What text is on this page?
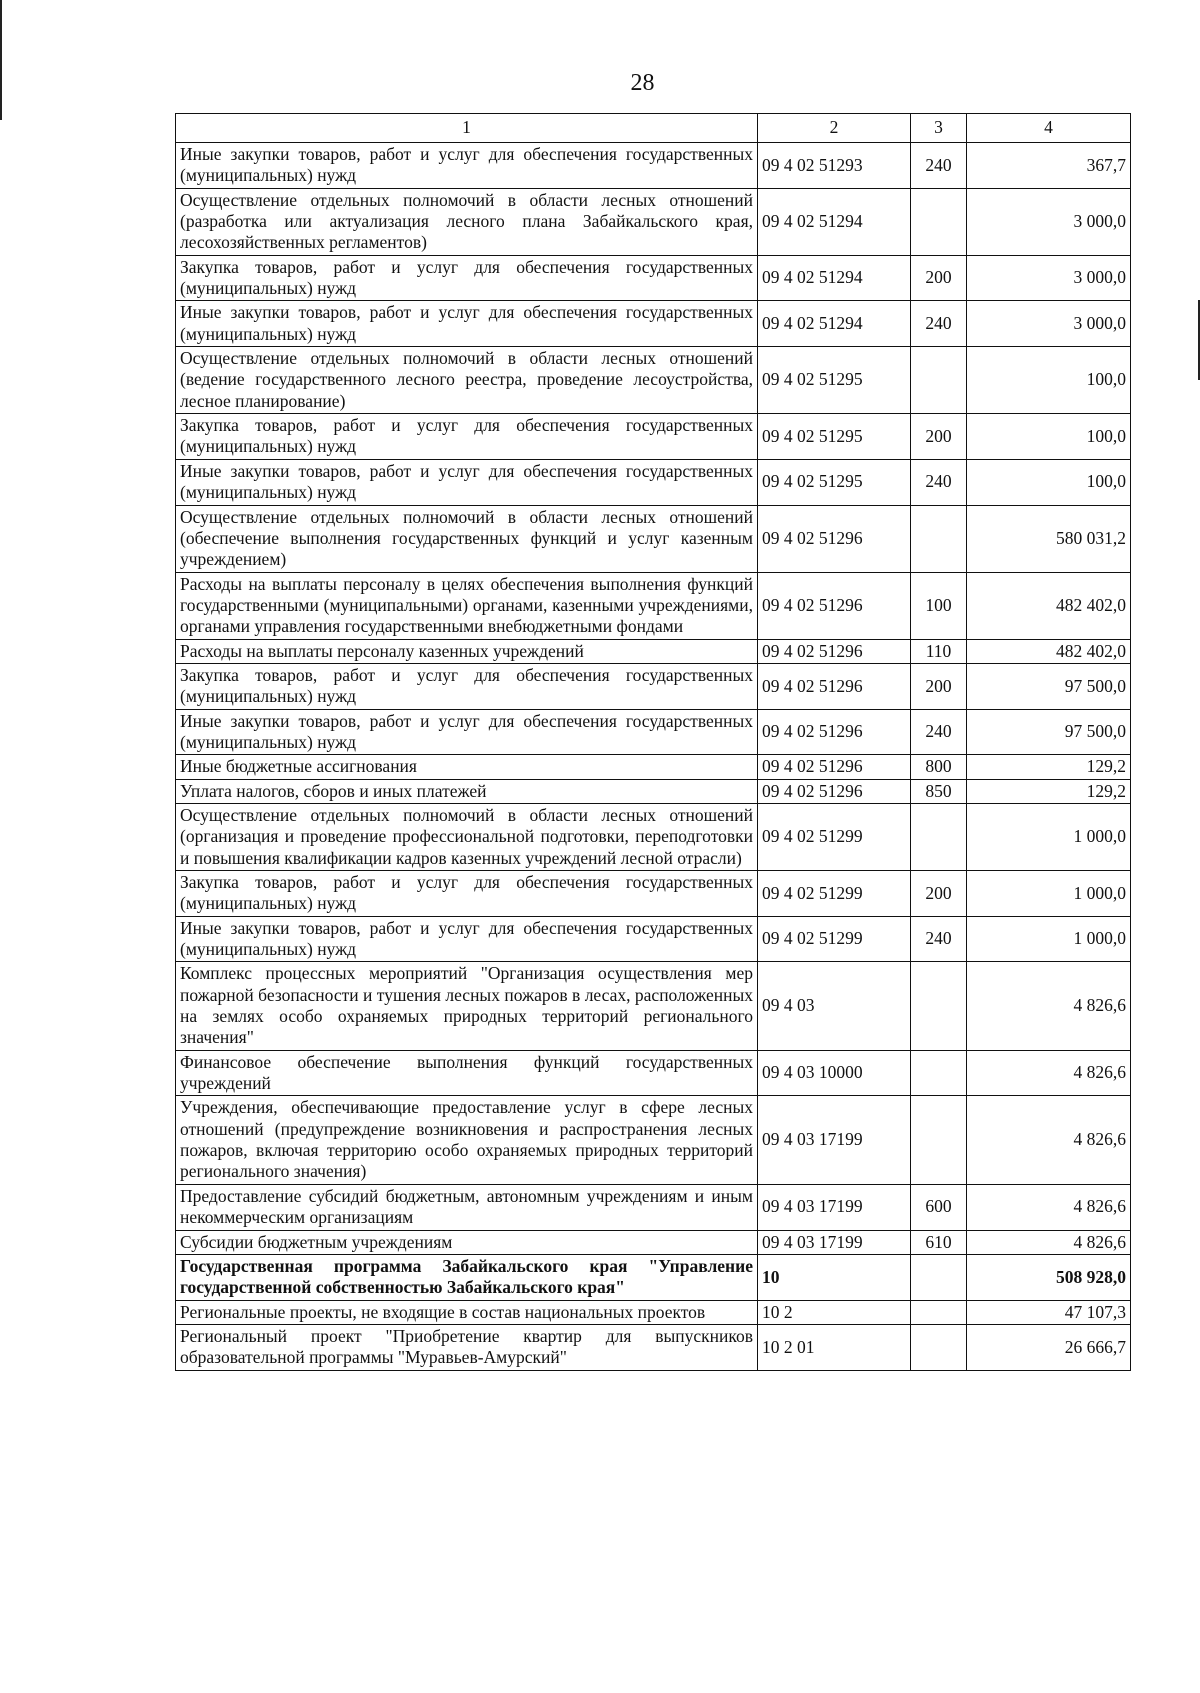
28
1	2	3	4
Иные закупки товаров, работ и услуг для обеспечения государственных (муниципальных) нужд	09 4 02 51293	240	367,7
Осуществление отдельных полномочий в области лесных отношений (разработка или актуализация лесного плана Забайкальского края, лесохозяйственных регламентов)	09 4 02 51294		3 000,0
Закупка товаров, работ и услуг для обеспечения государственных (муниципальных) нужд	09 4 02 51294	200	3 000,0
Иные закупки товаров, работ и услуг для обеспечения государственных (муниципальных) нужд	09 4 02 51294	240	3 000,0
Осуществление отдельных полномочий в области лесных отношений (ведение государственного лесного реестра, проведение лесоустройства, лесное планирование)	09 4 02 51295		100,0
Закупка товаров, работ и услуг для обеспечения государственных (муниципальных) нужд	09 4 02 51295	200	100,0
Иные закупки товаров, работ и услуг для обеспечения государственных (муниципальных) нужд	09 4 02 51295	240	100,0
Осуществление отдельных полномочий в области лесных отношений (обеспечение выполнения государственных функций и услуг казенным учреждением)	09 4 02 51296		580 031,2
Расходы на выплаты персоналу в целях обеспечения выполнения функций государственными (муниципальными) органами, казенными учреждениями, органами управления государственными внебюджетными фондами	09 4 02 51296	100	482 402,0
Расходы на выплаты персоналу казенных учреждений	09 4 02 51296	110	482 402,0
Закупка товаров, работ и услуг для обеспечения государственных (муниципальных) нужд	09 4 02 51296	200	97 500,0
Иные закупки товаров, работ и услуг для обеспечения государственных (муниципальных) нужд	09 4 02 51296	240	97 500,0
Иные бюджетные ассигнования	09 4 02 51296	800	129,2
Уплата налогов, сборов и иных платежей	09 4 02 51296	850	129,2
Осуществление отдельных полномочий в области лесных отношений (организация и проведение профессиональной подготовки, переподготовки и повышения квалификации кадров казенных учреждений лесной отрасли)	09 4 02 51299		1 000,0
Закупка товаров, работ и услуг для обеспечения государственных (муниципальных) нужд	09 4 02 51299	200	1 000,0
Иные закупки товаров, работ и услуг для обеспечения государственных (муниципальных) нужд	09 4 02 51299	240	1 000,0
Комплекс процессных мероприятий "Организация осуществления мер пожарной безопасности и тушения лесных пожаров в лесах, расположенных на землях особо охраняемых природных территорий регионального значения"	09 4 03		4 826,6
Финансовое обеспечение выполнения функций государственных учреждений	09 4 03 10000		4 826,6
Учреждения, обеспечивающие предоставление услуг в сфере лесных отношений (предупреждение возникновения и распространения лесных пожаров, включая территорию особо охраняемых природных территорий регионального значения)	09 4 03 17199		4 826,6
Предоставление субсидий бюджетным, автономным учреждениям и иным некоммерческим организациям	09 4 03 17199	600	4 826,6
Субсидии бюджетным учреждениям	09 4 03 17199	610	4 826,6
Государственная программа Забайкальского края "Управление государственной собственностью Забайкальского края"	10		508 928,0
Региональные проекты, не входящие в состав национальных проектов	10 2		47 107,3
Региональный проект "Приобретение квартир для выпускников образовательной программы "Муравьев-Амурский"	10 2 01		26 666,7
